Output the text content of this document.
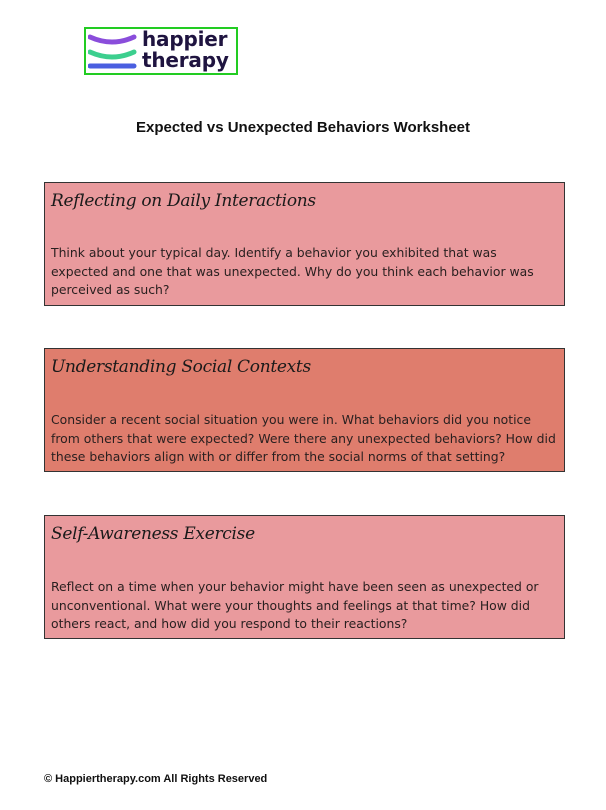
happier
therapy
Expected vs Unexpected Behaviors Worksheet
Reflecting on Daily Interactions
Think about your typical day. Identify a behavior you exhibited that was expected and one that was unexpected. Why do you think each behavior was perceived as such?
Understanding Social Contexts
Consider a recent social situation you were in. What behaviors did you notice from others that were expected? Were there any unexpected behaviors? How did these behaviors align with or differ from the social norms of that setting?
Self-Awareness Exercise
Reflect on a time when your behavior might have been seen as unexpected or unconventional. What were your thoughts and feelings at that time? How did others react, and how did you respond to their reactions?
© Happiertherapy.com All Rights Reserved
